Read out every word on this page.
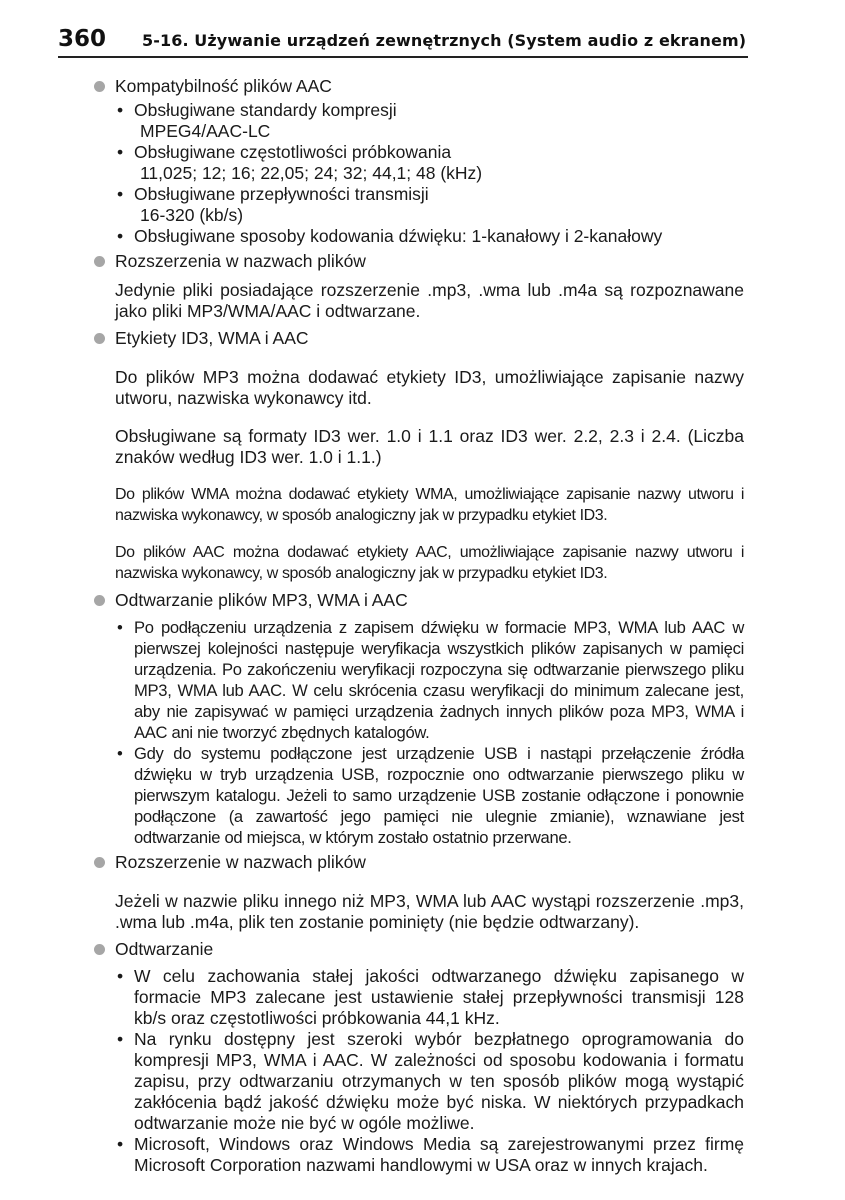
360 5-16. Używanie urządzeń zewnętrznych (System audio z ekranem)
Kompatybilność plików AAC
• Obsługiwane standardy kompresji
MPEG4/AAC-LC
• Obsługiwane częstotliwości próbkowania
11,025; 12; 16; 22,05; 24; 32; 44,1; 48 (kHz)
• Obsługiwane przepływności transmisji
16-320 (kb/s)
• Obsługiwane sposoby kodowania dźwięku: 1-kanałowy i 2-kanałowy
Rozszerzenia w nazwach plików

Jedynie pliki posiadające rozszerzenie .mp3, .wma lub .m4a są rozpoznawane jako pliki MP3/WMA/AAC i odtwarzane.

Etykiety ID3, WMA i AAC

Do plików MP3 można dodawać etykiety ID3, umożliwiające zapisanie nazwy utworu, nazwiska wykonawcy itd.

Obsługiwane są formaty ID3 wer. 1.0 i 1.1 oraz ID3 wer. 2.2, 2.3 i 2.4. (Liczba znaków według ID3 wer. 1.0 i 1.1.)

Do plików WMA można dodawać etykiety WMA, umożliwiające zapisanie nazwy utworu i nazwiska wykonawcy, w sposób analogiczny jak w przypadku etykiet ID3.

Do plików AAC można dodawać etykiety AAC, umożliwiające zapisanie nazwy utworu i nazwiska wykonawcy, w sposób analogiczny jak w przypadku etykiet ID3.

Odtwarzanie plików MP3, WMA i AAC
• Po podłączeniu urządzenia z zapisem dźwięku w formacie MP3, WMA lub AAC w pierwszej kolejności następuje weryfikacja wszystkich plików zapisanych w pamięci urządzenia. Po zakończeniu weryfikacji rozpoczyna się odtwarzanie pierwszego pliku MP3, WMA lub AAC. W celu skrócenia czasu weryfikacji do minimum zalecane jest, aby nie zapisywać w pamięci urządzenia żadnych innych plików poza MP3, WMA i AAC ani nie tworzyć zbędnych katalogów.
• Gdy do systemu podłączone jest urządzenie USB i nastąpi przełączenie źródła dźwięku w tryb urządzenia USB, rozpocznie ono odtwarzanie pierwszego pliku w pierwszym katalogu. Jeżeli to samo urządzenie USB zostanie odłączone i ponownie podłączone (a zawartość jego pamięci nie ulegnie zmianie), wznawiane jest odtwarzanie od miejsca, w którym zostało ostatnio przerwane.
Rozszerzenie w nazwach plików

Jeżeli w nazwie pliku innego niż MP3, WMA lub AAC wystąpi rozszerzenie .mp3, .wma lub .m4a, plik ten zostanie pominięty (nie będzie odtwarzany).

Odtwarzanie
• W celu zachowania stałej jakości odtwarzanego dźwięku zapisanego w formacie MP3 zalecane jest ustawienie stałej przepływności transmisji 128 kb/s oraz częstotliwości próbkowania 44,1 kHz.
• Na rynku dostępny jest szeroki wybór bezpłatnego oprogramowania do kompresji MP3, WMA i AAC. W zależności od sposobu kodowania i formatu zapisu, przy odtwarzaniu otrzymanych w ten sposób plików mogą wystąpić zakłócenia bądź jakość dźwięku może być niska. W niektórych przypadkach odtwarzanie może nie być w ogóle możliwe.
• Microsoft, Windows oraz Windows Media są zarejestrowanymi przez firmę Microsoft Corporation nazwami handlowymi w USA oraz w innych krajach.
